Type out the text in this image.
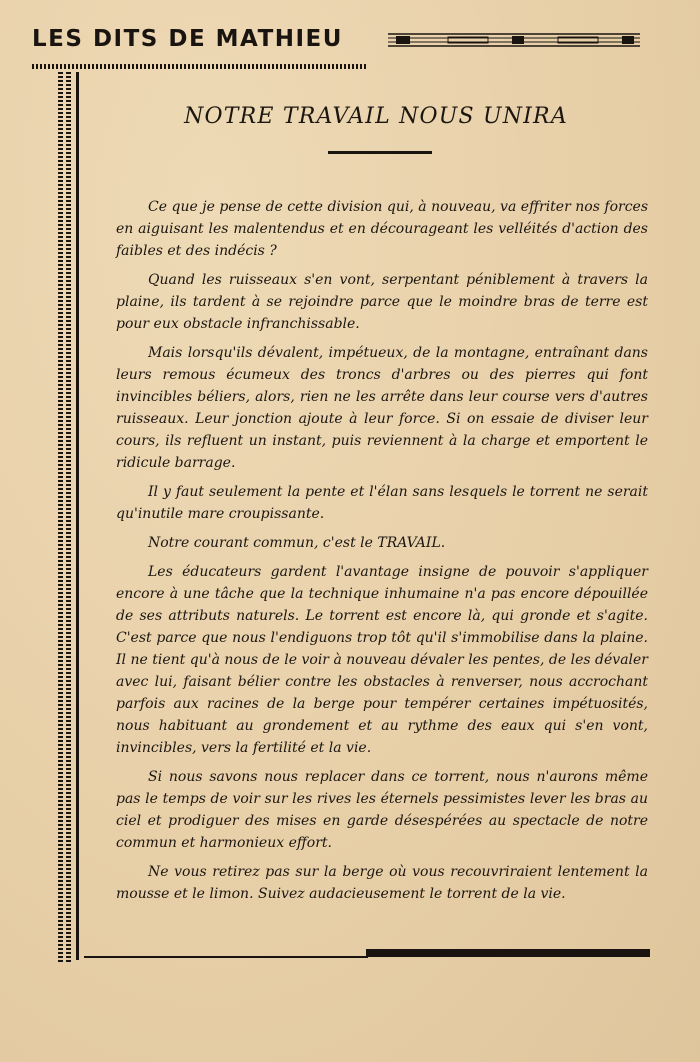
LES DITS DE MATHIEU
NOTRE TRAVAIL NOUS UNIRA

Ce que je pense de cette division qui, à nouveau, va effriter nos forces en aiguisant les malentendus et en décourageant les velléités d'action des faibles et des indécis ?

Quand les ruisseaux s'en vont, serpentant péniblement à travers la plaine, ils tardent à se rejoindre parce que le moindre bras de terre est pour eux obstacle infranchissable.

Mais lorsqu'ils dévalent, impétueux, de la montagne, entraînant dans leurs remous écumeux des troncs d'arbres ou des pierres qui font invincibles béliers, alors, rien ne les arrête dans leur course vers d'autres ruisseaux. Leur jonction ajoute à leur force. Si on essaie de diviser leur cours, ils refluent un instant, puis reviennent à la charge et emportent le ridicule barrage.

Il y faut seulement la pente et l'élan sans lesquels le torrent ne serait qu'inutile mare croupissante.

Notre courant commun, c'est le TRAVAIL.

Les éducateurs gardent l'avantage insigne de pouvoir s'appliquer encore à une tâche que la technique inhumaine n'a pas encore dépouillée de ses attributs naturels. Le torrent est encore là, qui gronde et s'agite. C'est parce que nous l'endiguons trop tôt qu'il s'immobilise dans la plaine. Il ne tient qu'à nous de le voir à nouveau dévaler les pentes, de les dévaler avec lui, faisant bélier contre les obstacles à renverser, nous accrochant parfois aux racines de la berge pour tempérer certaines impétuosités, nous habituant au grondement et au rythme des eaux qui s'en vont, invincibles, vers la fertilité et la vie.

Si nous savons nous replacer dans ce torrent, nous n'aurons même pas le temps de voir sur les rives les éternels pessimistes lever les bras au ciel et prodiguer des mises en garde désespérées au spectacle de notre commun et harmonieux effort.

Ne vous retirez pas sur la berge où vous recouvriraient lentement la mousse et le limon. Suivez audacieusement le torrent de la vie.
